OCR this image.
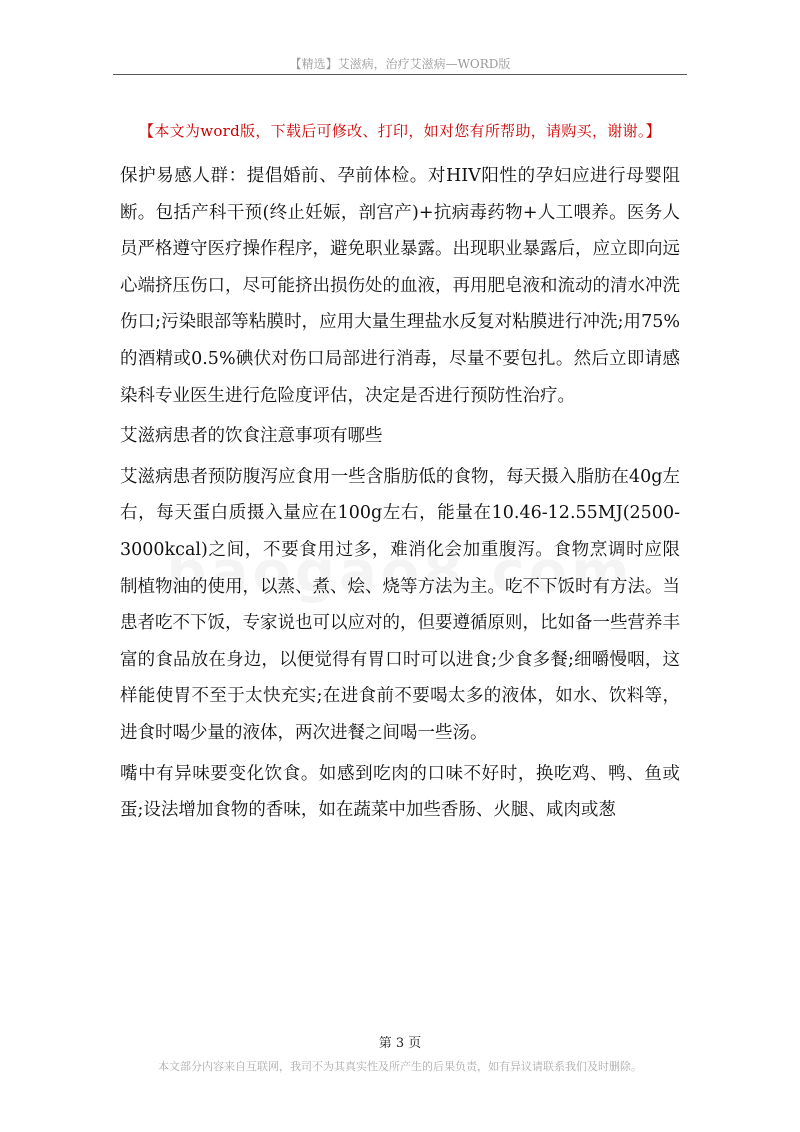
【精选】艾滋病，治疗艾滋病—WORD版
【本文为word版，下载后可修改、打印，如对您有所帮助，请购买，谢谢。】

保护易感人群：提倡婚前、孕前体检。对HIV阳性的孕妇应进行母婴阻断。包括产科干预(终止妊娠，剖宫产)+抗病毒药物+人工喂养。医务人员严格遵守医疗操作程序，避免职业暴露。出现职业暴露后，应立即向远心端挤压伤口，尽可能挤出损伤处的血液，再用肥皂液和流动的清水冲洗伤口;污染眼部等粘膜时，应用大量生理盐水反复对粘膜进行冲洗;用75%的酒精或0.5%碘伏对伤口局部进行消毒，尽量不要包扎。然后立即请感染科专业医生进行危险度评估，决定是否进行预防性治疗。

艾滋病患者的饮食注意事项有哪些

艾滋病患者预防腹泻应食用一些含脂肪低的食物，每天摄入脂肪在40g左右，每天蛋白质摄入量应在100g左右，能量在10.46-12.55MJ(2500-3000kcal)之间，不要食用过多，难消化会加重腹泻。食物烹调时应限制植物油的使用，以蒸、煮、烩、烧等方法为主。吃不下饭时有方法。当患者吃不下饭，专家说也可以应对的，但要遵循原则，比如备一些营养丰富的食品放在身边，以便觉得有胃口时可以进食;少食多餐;细嚼慢咽，这样能使胃不至于太快充实;在进食前不要喝太多的液体，如水、饮料等，进食时喝少量的液体，两次进餐之间喝一些汤。

嘴中有异味要变化饮食。如感到吃肉的口味不好时，换吃鸡、鸭、鱼或蛋;设法增加食物的香味，如在蔬菜中加些香肠、火腿、咸肉或葱

第 3 页
本文部分内容来自互联网，我司不为其真实性及所产生的后果负责，如有异议请联系我们及时删除。
